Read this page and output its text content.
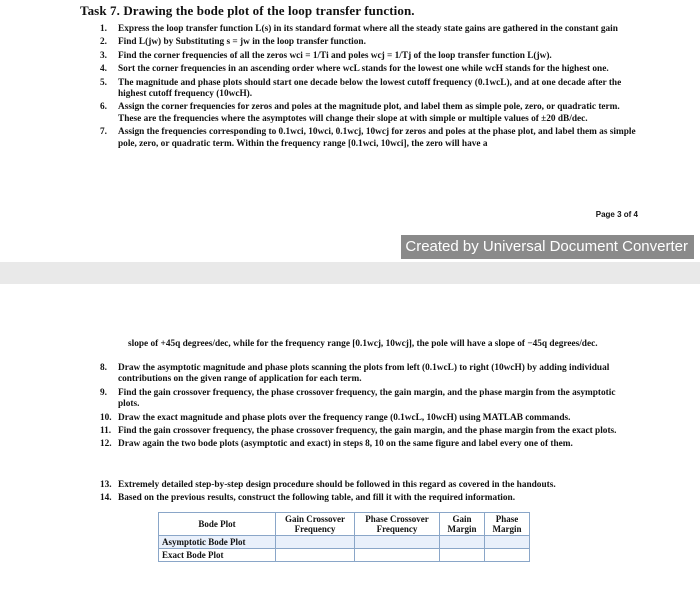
Task 7. Drawing the bode plot of the loop transfer function.
1.	Express the loop transfer function L(s) in its standard format where all the steady state gains are gathered in the constant gain
2.	Find L(jw) by Substituting s = jw in the loop transfer function.
3.	Find the corner frequencies of all the zeros wci = 1/Ti and poles wcj = 1/Tj of the loop transfer function L(jw).
4.	Sort the corner frequencies in an ascending order where wcL stands for the lowest one while wcH stands for the highest one.
5.	The magnitude and phase plots should start one decade below the lowest cutoff frequency (0.1wcL), and at one decade after the highest cutoff frequency (10wcH).
6.	Assign the corner frequencies for zeros and poles at the magnitude plot, and label them as simple pole, zero, or quadratic term. These are the frequencies where the asymptotes will change their slope at with simple or multiple values of ±20 dB/dec.
7.	Assign the frequencies corresponding to 0.1wci, 10wci, 0.1wcj, 10wcj for zeros and poles at the phase plot, and label them as simple pole, zero, or quadratic term. Within the frequency range [0.1wci, 10wci], the zero will have a
Page 3 of 4
Created by Universal Document Converter
slope of +45q degrees/dec, while for the frequency range [0.1wcj, 10wcj], the pole will have a slope of −45q degrees/dec.
8.	Draw the asymptotic magnitude and phase plots scanning the plots from left (0.1wcL) to right (10wcH) by adding individual contributions on the given range of application for each term.
9.	Find the gain crossover frequency, the phase crossover frequency, the gain margin, and the phase margin from the asymptotic plots.
10. Draw the exact magnitude and phase plots over the frequency range (0.1wcL, 10wcH) using MATLAB commands.
11. Find the gain crossover frequency, the phase crossover frequency, the gain margin, and the phase margin from the exact plots.
12. Draw again the two bode plots (asymptotic and exact) in steps 8, 10 on the same figure and label every one of them.
13. Extremely detailed step-by-step design procedure should be followed in this regard as covered in the handouts.
14. Based on the previous results, construct the following table, and fill it with the required information.
Bode Plot	Gain Crossover Frequency	Phase Crossover Frequency	Gain Margin	Phase Margin
Asymptotic Bode Plot				
Exact Bode Plot				
